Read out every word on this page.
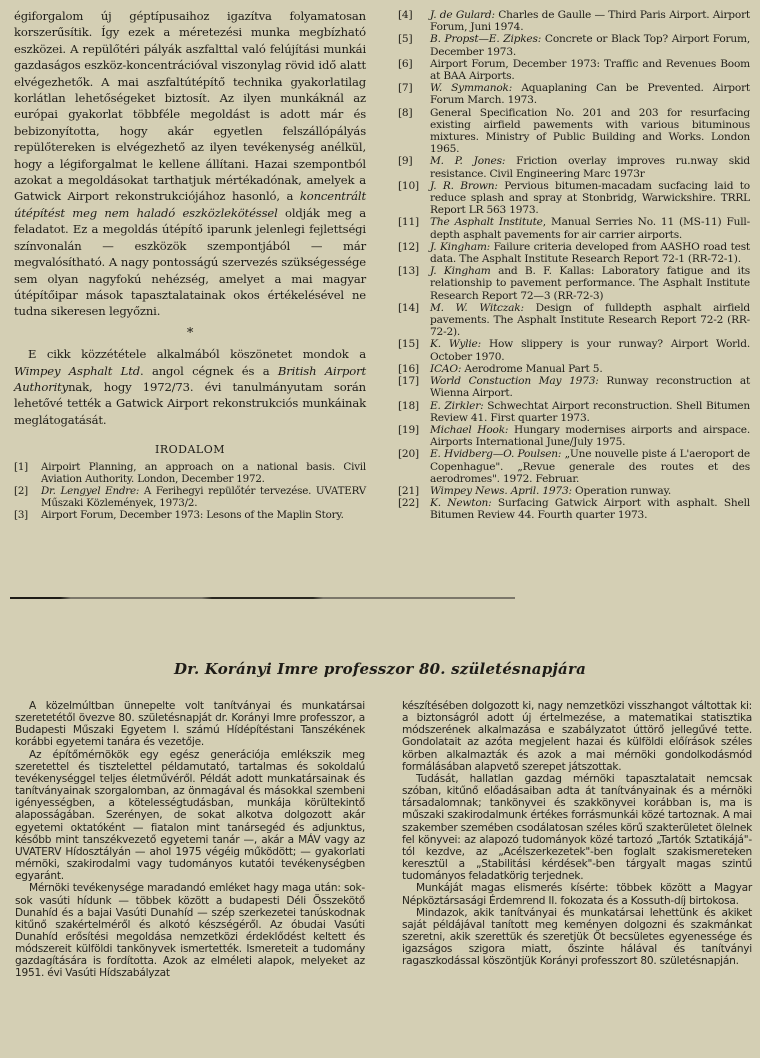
égiforgalom új géptípusaihoz igazítva folyamatosan korszerűsítik. Így ezek a méretezési munka megbízható eszközei. A repülőtéri pályák aszfalttal való felújítási munkái gazdaságos eszköz-koncentrációval viszonylag rövid idő alatt elvégezhetők. A mai aszfaltútépítő technika gyakorlatilag korlátlan lehetőségeket biztosít. Az ilyen munkáknál az európai gyakorlat többféle megoldást is adott már és bebizonyította, hogy akár egyetlen felszállópályás repülőtereken is elvégezhető az ilyen tevékenység anélkül, hogy a légiforgalmat le kellene állítani. Hazai szempontból azokat a megoldásokat tarthatjuk mértékadónak, amelyek a Gatwick Airport rekonstrukciójához hasonló, a koncentrált útépítést meg nem haladó eszközlekötéssel oldják meg a feladatot. Ez a megoldás útépítő iparunk jelenlegi fejlettségi színvonalán — eszközök szempontjából — már megvalósítható. A nagy pontosságú szervezés szükségessége sem olyan nagyfokú nehézség, amelyet a mai magyar útépítőipar mások tapasztalatainak okos értékelésével ne tudna sikeresen legyőzni.

*

E cikk közzététele alkalmából köszönetet mondok a Wimpey Asphalt Ltd. angol cégnek és a British Airport Authoritynak, hogy 1972/73. évi tanulmányutam során lehetővé tették a Gatwick Airport rekonstrukciós munkáinak meglátogatását.

IRODALOM
[1] Airpoirt Planning, an approach on a national basis. Civil Aviation Authority. London, December 1972.
[2] Dr. Lengyel Endre: A Ferihegyi repülőtér tervezése. UVATERV Műszaki Közlemények, 1973/2.
[3] Airport Forum, December 1973: Lesons of the Maplin Story.
[4] J. de Gulard: Charles de Gaulle — Third Paris Airport. Airport Forum, Juni 1974.
[5] B. Propst—E. Zipkes: Concrete or Black Top? Airport Forum, December 1973.
[6] Airport Forum, December 1973: Traffic and Revenues Boom at BAA Airports.
[7] W. Symmanok: Aquaplaning Can be Prevented. Airport Forum March. 1973.
[8] General Specification No. 201 and 203 for resurfacing existing airfield pawements with various bituminous mixtures. Ministry of Public Building and Works. London 1965.
[9] M. P. Jones: Friction overlay improves ru.nway skid resistance. Civil Engineering Marc 1973r
[10] J. R. Brown: Pervious bitumen-macadam sucfacing laid to reduce splash and spray at Stonbridg, Warwickshire. TRRL Report LR 563 1973.
[11] The Asphalt Institute, Manual Serries No. 11 (MS-11) Full-depth asphalt pavements for air carrier airports.
[12] J. Kingham: Failure criteria developed from AASHO road test data. The Asphalt Institute Research Report 72-1 (RR-72-1).
[13] J. Kingham and B. F. Kallas: Laboratory fatigue and its relationship to pavement performance. The Asphalt Institute Research Report 72—3 (RR-72-3)
[14] M. W. Witczak: Design of fulldepth asphalt airfield pavements. The Asphalt Institute Research Report 72-2 (RR-72-2).
[15] K. Wylie: How slippery is your runway? Airport World. October 1970.
[16] ICAO: Aerodrome Manual Part 5.
[17] World Constuction May 1973: Runway reconstruction at Wienna Airport.
[18] E. Zirkler: Schwechtat Airport reconstruction. Shell Bitumen Review 41. First quarter 1973.
[19] Michael Hook: Hungary modernises airports and airspace. Airports International June/July 1975.
[20] E. Hvidberg—O. Poulsen: „Une nouvelle piste á L'aeroport de Copenhague". „Revue generale des routes et des aerodromes". 1972. Februar.
[21] Wimpey News. April. 1973: Operation runway.
[22] K. Newton: Surfacing Gatwick Airport with asphalt. Shell Bitumen Review 44. Fourth quarter 1973.
Dr. Korányi Imre professzor 80. születésnapjára

A közelmúltban ünnepelte volt tanítványai és munkatársai szeretetétől övezve 80. születésnapját dr. Korányi Imre professzor, a Budapesti Műszaki Egyetem I. számú Hídépítéstani Tanszékének korábbi egyetemi tanára és vezetője.

Az építőmérnökök egy egész generációja emlékszik meg szeretettel és tisztelettel példamutató, tartalmas és sokoldalú tevékenységgel teljes életművéről. Példát adott munkatársainak és tanítványainak szorgalomban, az önmagával és másokkal szembeni igényességben, a kötelességtudásban, munkája körültekintő alaposságában. Szerényen, de sokat alkotva dolgozott akár egyetemi oktatóként — fiatalon mint tanársegéd és adjunktus, később mint tanszékvezető egyetemi tanár —, akár a MÁV vagy az UVATERV Hídosztályán — ahol 1975 végéig működött; — gyakorlati mérnöki, szakirodalmi vagy tudományos kutatói tevékenységben egyaránt.

Mérnöki tevékenysége maradandó emléket hagy maga után: sok-sok vasúti hídunk — többek között a budapesti Déli Összekötő Dunahíd és a bajai Vasúti Dunahíd — szép szerkezetei tanúskodnak kitűnő szakértelméről és alkotó készségéről. Az óbudai Vasúti Dunahíd erősítési megoldása nemzetközi érdeklődést keltett és módszereit külföldi tankönyvek ismertették. Ismereteit a tudomány gazdagítására is fordította. Azok az elméleti alapok, melyeket az 1951. évi Vasúti Hídszabályzat

készítésében dolgozott ki, nagy nemzetközi visszhangot váltottak ki: a biztonságról adott új értelmezése, a matematikai statisztika módszerének alkalmazása e szabályzatot úttörő jellegűvé tette. Gondolatait az azóta megjelent hazai és külföldi előírások széles körben alkalmazták és azok a mai mérnöki gondolkodásmód formálásában alapvető szerepet játszottak.

Tudását, hallatlan gazdag mérnöki tapasztalatait nemcsak szóban, kitűnő előadásaiban adta át tanítványainak és a mérnöki társadalomnak; tankönyvei és szakkönyvei korábban is, ma is műszaki szakirodalmunk értékes forrásmunkái közé tartoznak. A mai szakember szemében csodálatosan széles körű szakterületet ölelnek fel könyvei: az alapozó tudományok közé tartozó „Tartók Sztatikájá"-tól kezdve, az „Acélszerkezetek"-ben foglalt szakismereteken keresztül a „Stabilitási kérdések"-ben tárgyalt magas szintű tudományos feladatkörig terjednek.

Munkáját magas elismerés kísérte: többek között a Magyar Népköztársasági Érdemrend II. fokozata és a Kossuth-díj birtokosa.

Mindazok, akik tanítványai és munkatársai lehettünk és akiket saját példájával tanított meg keményen dolgozni és szakmánkat szeretni, akik szerettük és szeretjük Őt becsületes egyenessége és igazságos szigora miatt, őszinte hálával és tanítványi ragaszkodással köszöntjük Korányi professzort 80. születésnapján.
